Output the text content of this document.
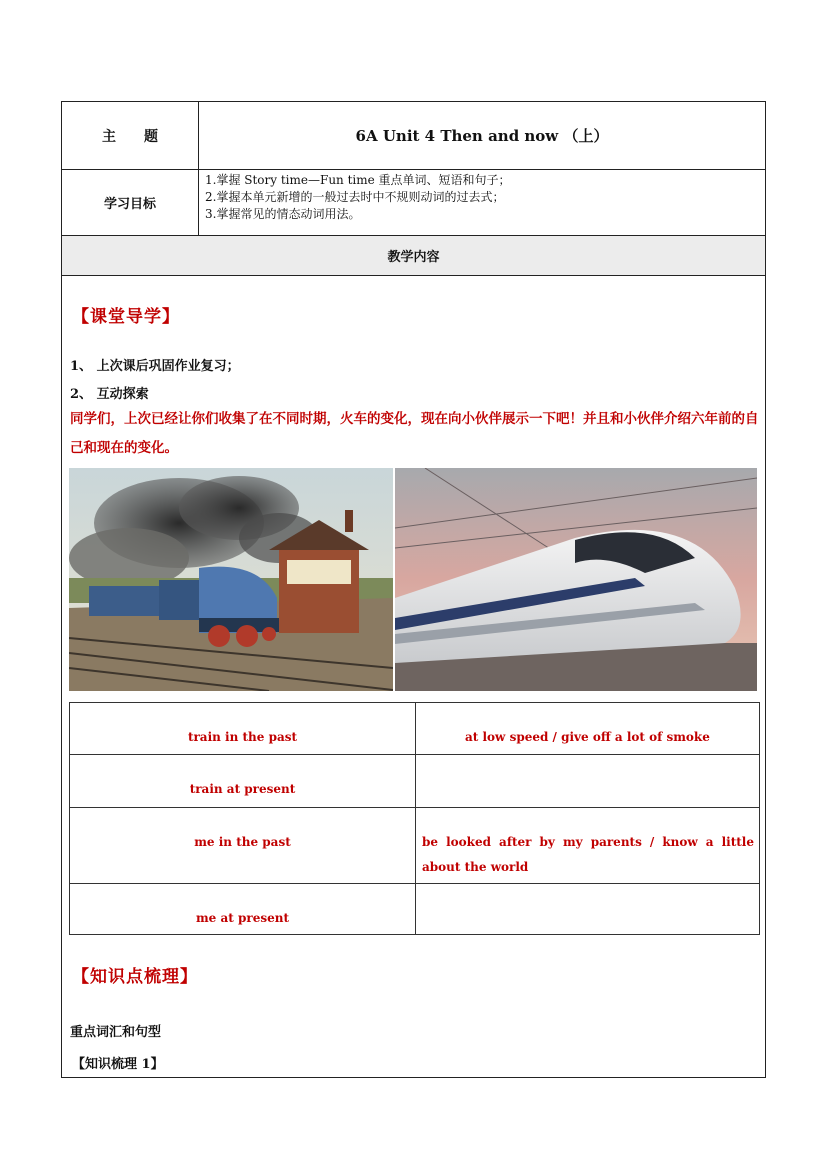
主　　题	6A Unit 4 Then and now （上）
学习目标
1.掌握 Story time—Fun time 重点单词、短语和句子；
2.掌握本单元新增的一般过去时中不规则动词的过去式；
3.掌握常见的情态动词用法。
教学内容
【课堂导学】
1、 上次课后巩固作业复习；
2、 互动探索
同学们，上次已经让你们收集了在不同时期，火车的变化，现在向小伙伴展示一下吧！并且和小伙伴介绍六年前的自己和现在的变化。
train in the past	at low speed / give off a lot of smoke
train at present
me in the past	be looked after by my parents / know a little about the world
me at present
【知识点梳理】
重点词汇和句型
【知识梳理 1】
